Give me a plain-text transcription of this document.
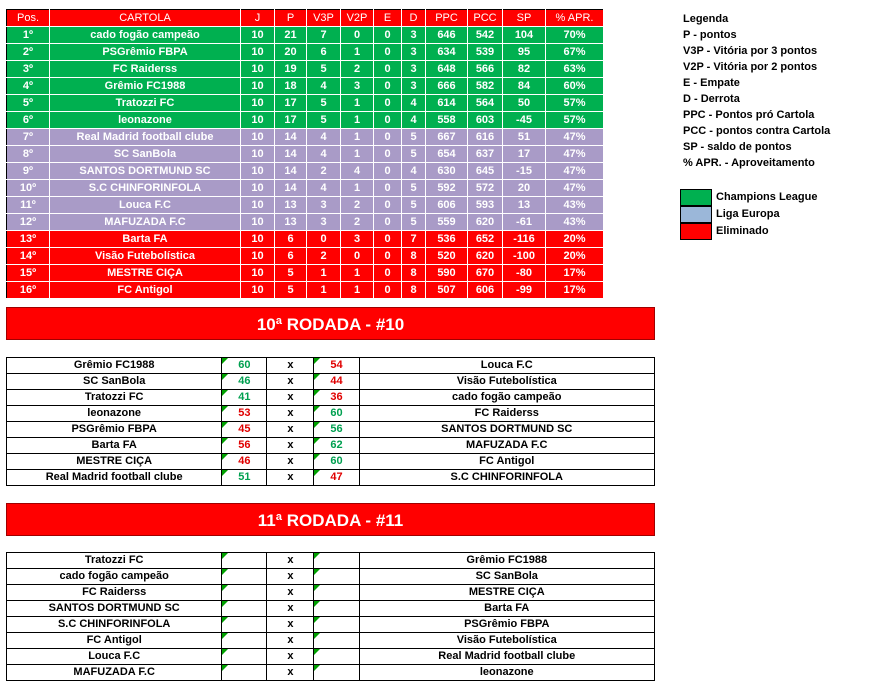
Pos.	CARTOLA	J	P	V3P	V2P	E	D	PPC	PCC	SP	% APR.
1º	cado fogão campeão	10	21	7	0	0	3	646	542	104	70%
2º	PSGrêmio FBPA	10	20	6	1	0	3	634	539	95	67%
3º	FC Raiderss	10	19	5	2	0	3	648	566	82	63%
4º	Grêmio FC1988	10	18	4	3	0	3	666	582	84	60%
5º	Tratozzi FC	10	17	5	1	0	4	614	564	50	57%
6º	leonazone	10	17	5	1	0	4	558	603	-45	57%
7º	Real Madrid football clube	10	14	4	1	0	5	667	616	51	47%
8º	SC SanBola	10	14	4	1	0	5	654	637	17	47%
9º	SANTOS DORTMUND SC	10	14	2	4	0	4	630	645	-15	47%
10º	S.C CHINFORINFOLA	10	14	4	1	0	5	592	572	20	47%
11º	Louca F.C	10	13	3	2	0	5	606	593	13	43%
12º	MAFUZADA F.C	10	13	3	2	0	5	559	620	-61	43%
13º	Barta FA	10	6	0	3	0	7	536	652	-116	20%
14º	Visão Futebolística	10	6	2	0	0	8	520	620	-100	20%
15º	MESTRE CIÇA	10	5	1	1	0	8	590	670	-80	17%
16º	FC Antigol	10	5	1	1	0	8	507	606	-99	17%
Legenda
P - pontos
V3P - Vitória por 3 pontos
V2P - Vitória por 2 pontos
E - Empate
D - Derrota
PPC - Pontos pró Cartola
PCC - pontos contra Cartola
SP - saldo de pontos
% APR. - Aproveitamento
Champions League
Liga Europa
Eliminado
10ª RODADA - #10
Grêmio FC1988	60	x	54	Louca F.C
SC SanBola	46	x	44	Visão Futebolística
Tratozzi FC	41	x	36	cado fogão campeão
leonazone	53	x	60	FC Raiderss
PSGrêmio FBPA	45	x	56	SANTOS DORTMUND SC
Barta FA	56	x	62	MAFUZADA F.C
MESTRE CIÇA	46	x	60	FC Antigol
Real Madrid football clube	51	x	47	S.C CHINFORINFOLA
11ª RODADA - #11
Tratozzi FC		x		Grêmio FC1988
cado fogão campeão		x		SC SanBola
FC Raiderss		x		MESTRE CIÇA
SANTOS DORTMUND SC		x		Barta FA
S.C CHINFORINFOLA		x		PSGrêmio FBPA
FC Antigol		x		Visão Futebolística
Louca F.C		x		Real Madrid football clube
MAFUZADA F.C		x		leonazone
